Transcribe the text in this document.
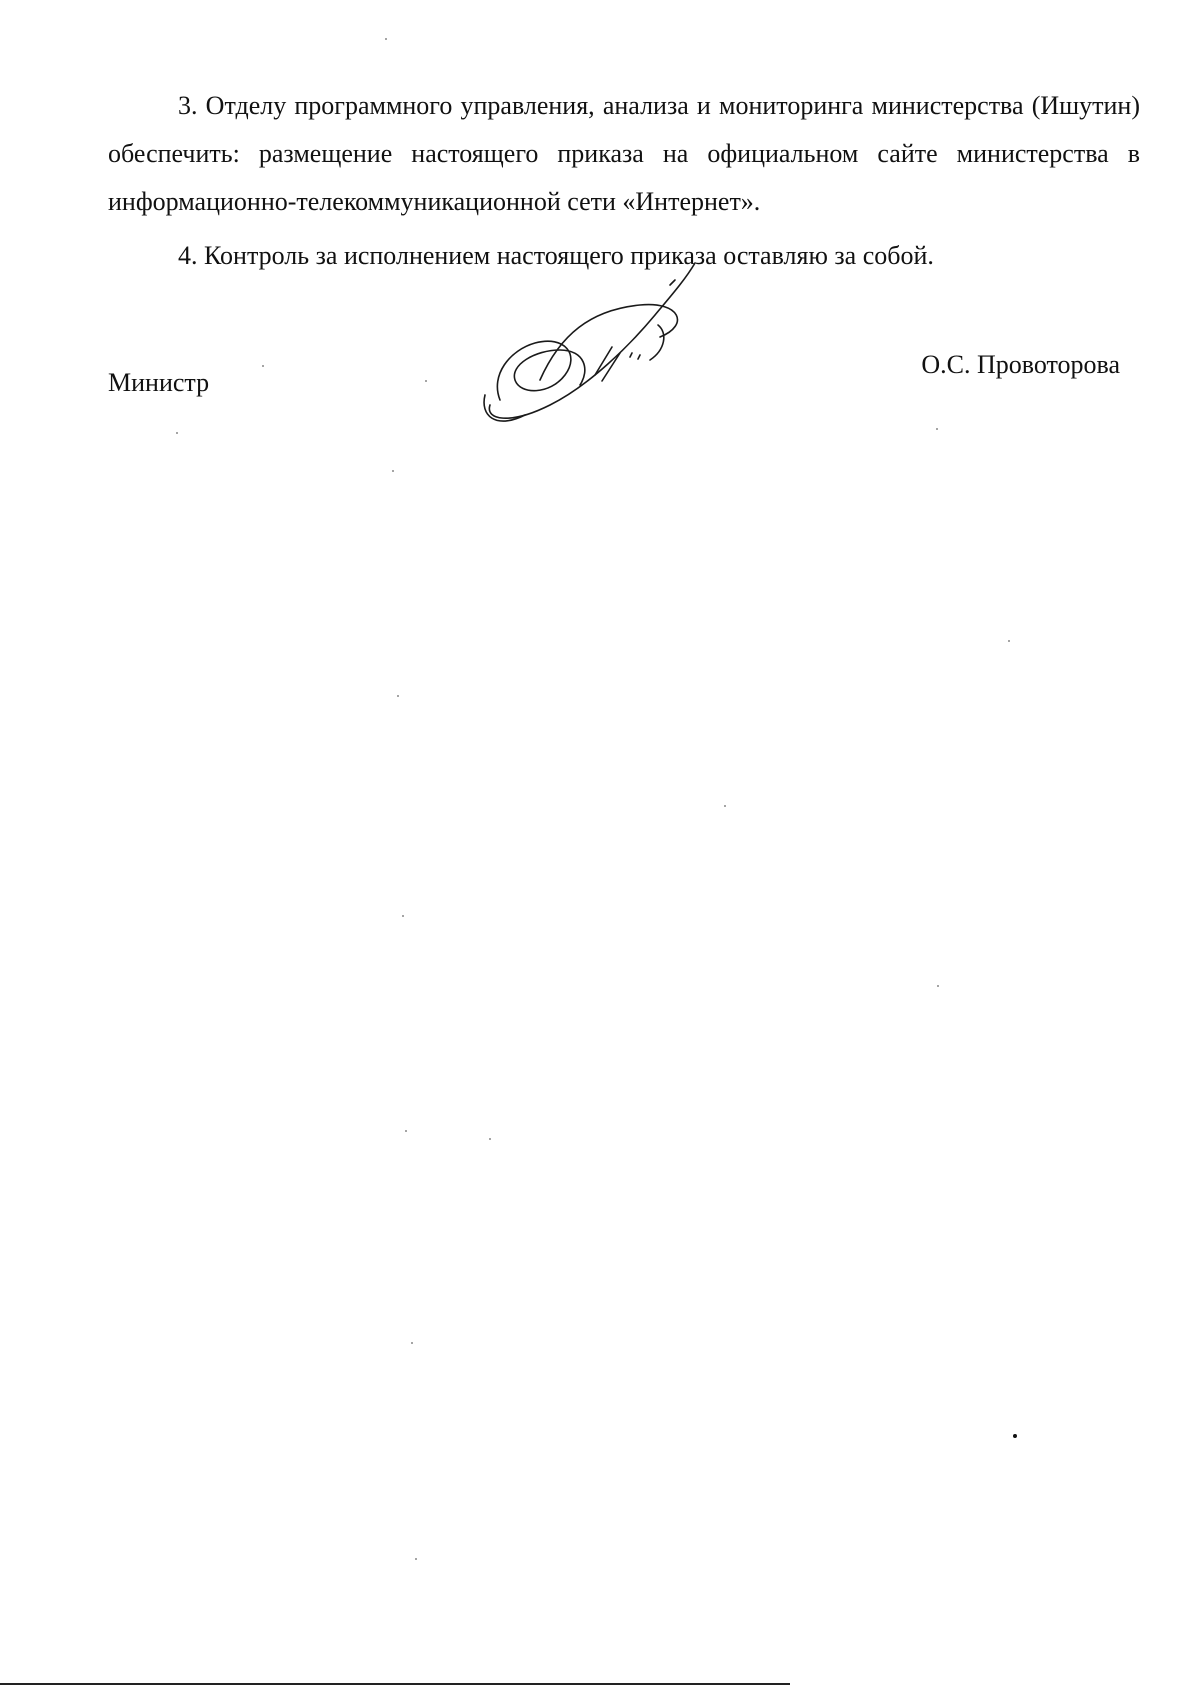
3. Отделу программного управления, анализа и мониторинга министерства (Ишутин) обеспечить: размещение настоящего приказа на официальном сайте министерства в информационно-телекоммуникационной сети «Интернет».

4. Контроль за исполнением настоящего приказа оставляю за собой.

Министр
О.С. Провоторова
